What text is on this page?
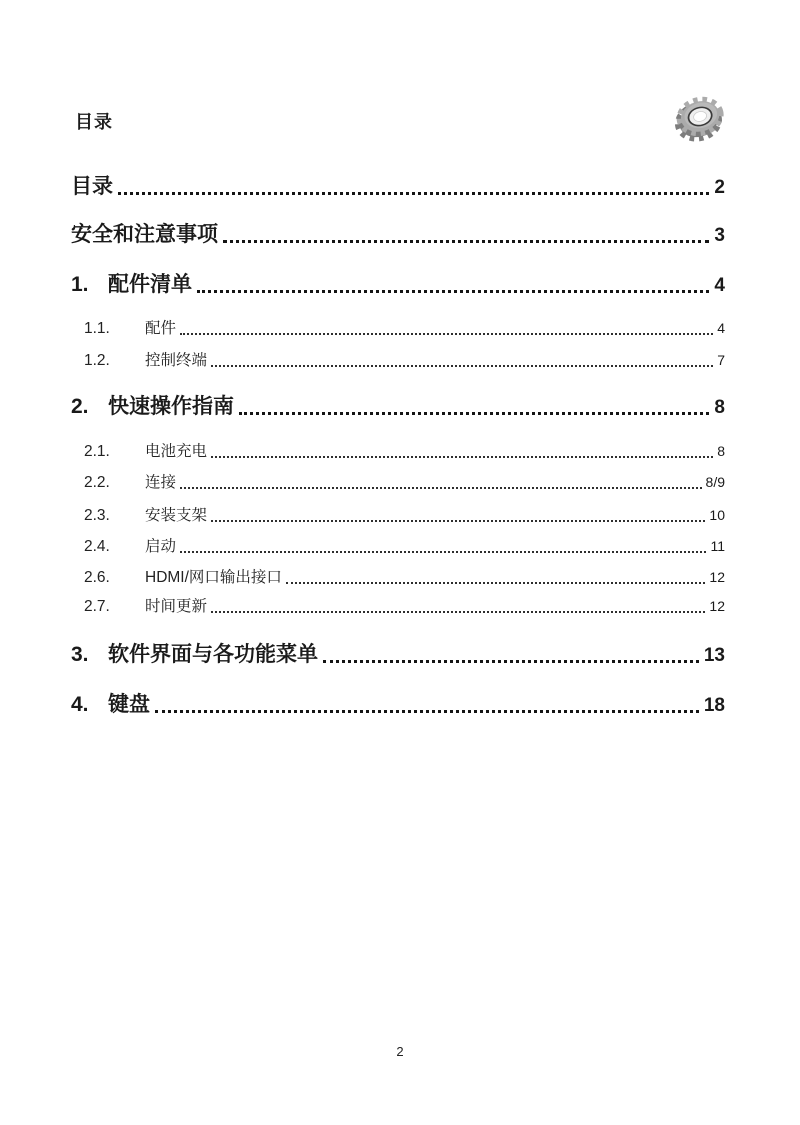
目录
目录	2
安全和注意事项	3
1. 配件清单	4
1.1.	配件	4
1.2.	控制终端	7
2. 快速操作指南	8
2.1.	电池充电	8
2.2.	连接	8/9
2.3.	安装支架	10
2.4.	启动	11
2.6.	HDMI/网口输出接口	12
2.7.	时间更新	12
3. 软件界面与各功能菜单	13
4. 键盘	18
2
